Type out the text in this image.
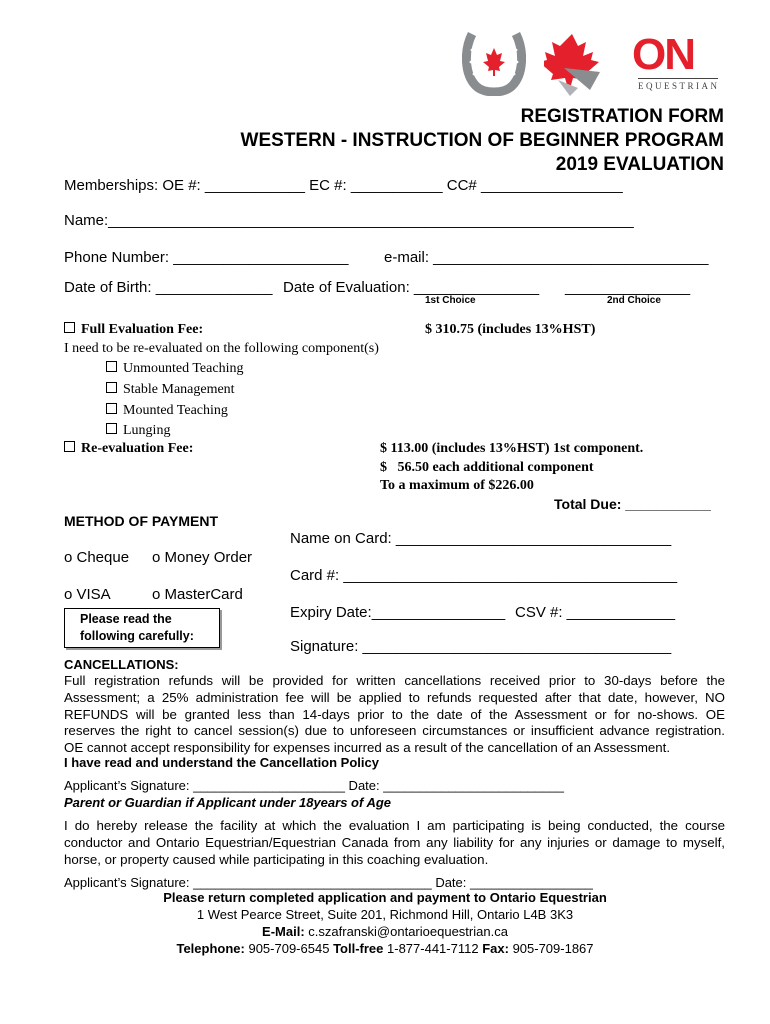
ON
EQUESTRIAN
REGISTRATION FORM
WESTERN - INSTRUCTION OF BEGINNER PROGRAM
2019 EVALUATION
Memberships: OE #: ____________ EC #: ___________ CC# _________________
Name:_______________________________________________________________
Phone Number: _____________________ e-mail: _________________________________
Date of Birth: ______________ Date of Evaluation: _______________ _______________
1st Choice	2nd Choice
Full Evaluation Fee:	$ 310.75 (includes 13%HST)
I need to be re-evaluated on the following component(s)
Unmounted Teaching
Stable Management
Mounted Teaching
Lunging
Re-evaluation Fee:	$ 113.00 (includes 13%HST) 1st component.
$   56.50 each additional component
To a maximum of $226.00
Total Due: ___________
METHOD OF PAYMENT
o Cheque o Money Order
o VISA	o MasterCard
Please read the
following carefully:
Name on Card: _________________________________
Card #: ________________________________________
Expiry Date:________________ CSV #: _____________
Signature: _____________________________________
CANCELLATIONS:
Full registration refunds will be provided for written cancellations received prior to 30-days before the
Assessment; a 25% administration fee will be applied to refunds requested after that date, however, NO
REFUNDS will be granted less than 14-days prior to the date of the Assessment or for no-shows. OE
reserves the right to cancel session(s) due to unforeseen circumstances or insufficient advance registration.
OE cannot accept responsibility for expenses incurred as a result of the cancellation of an Assessment.
I have read and understand the Cancellation Policy
Applicant’s Signature: _____________________ Date: _________________________
Parent or Guardian if Applicant under 18years of Age
I do hereby release the facility at which the evaluation I am participating is being conducted, the course
conductor and Ontario Equestrian/Equestrian Canada from any liability for any injuries or damage to myself,
horse, or property caused while participating in this coaching evaluation.
Applicant’s Signature: _________________________________ Date: _________________
Please return completed application and payment to Ontario Equestrian
1 West Pearce Street, Suite 201, Richmond Hill, Ontario L4B 3K3
E-Mail: c.szafranski@ontarioequestrian.ca
Telephone: 905-709-6545 Toll-free 1-877-441-7112 Fax: 905-709-1867
